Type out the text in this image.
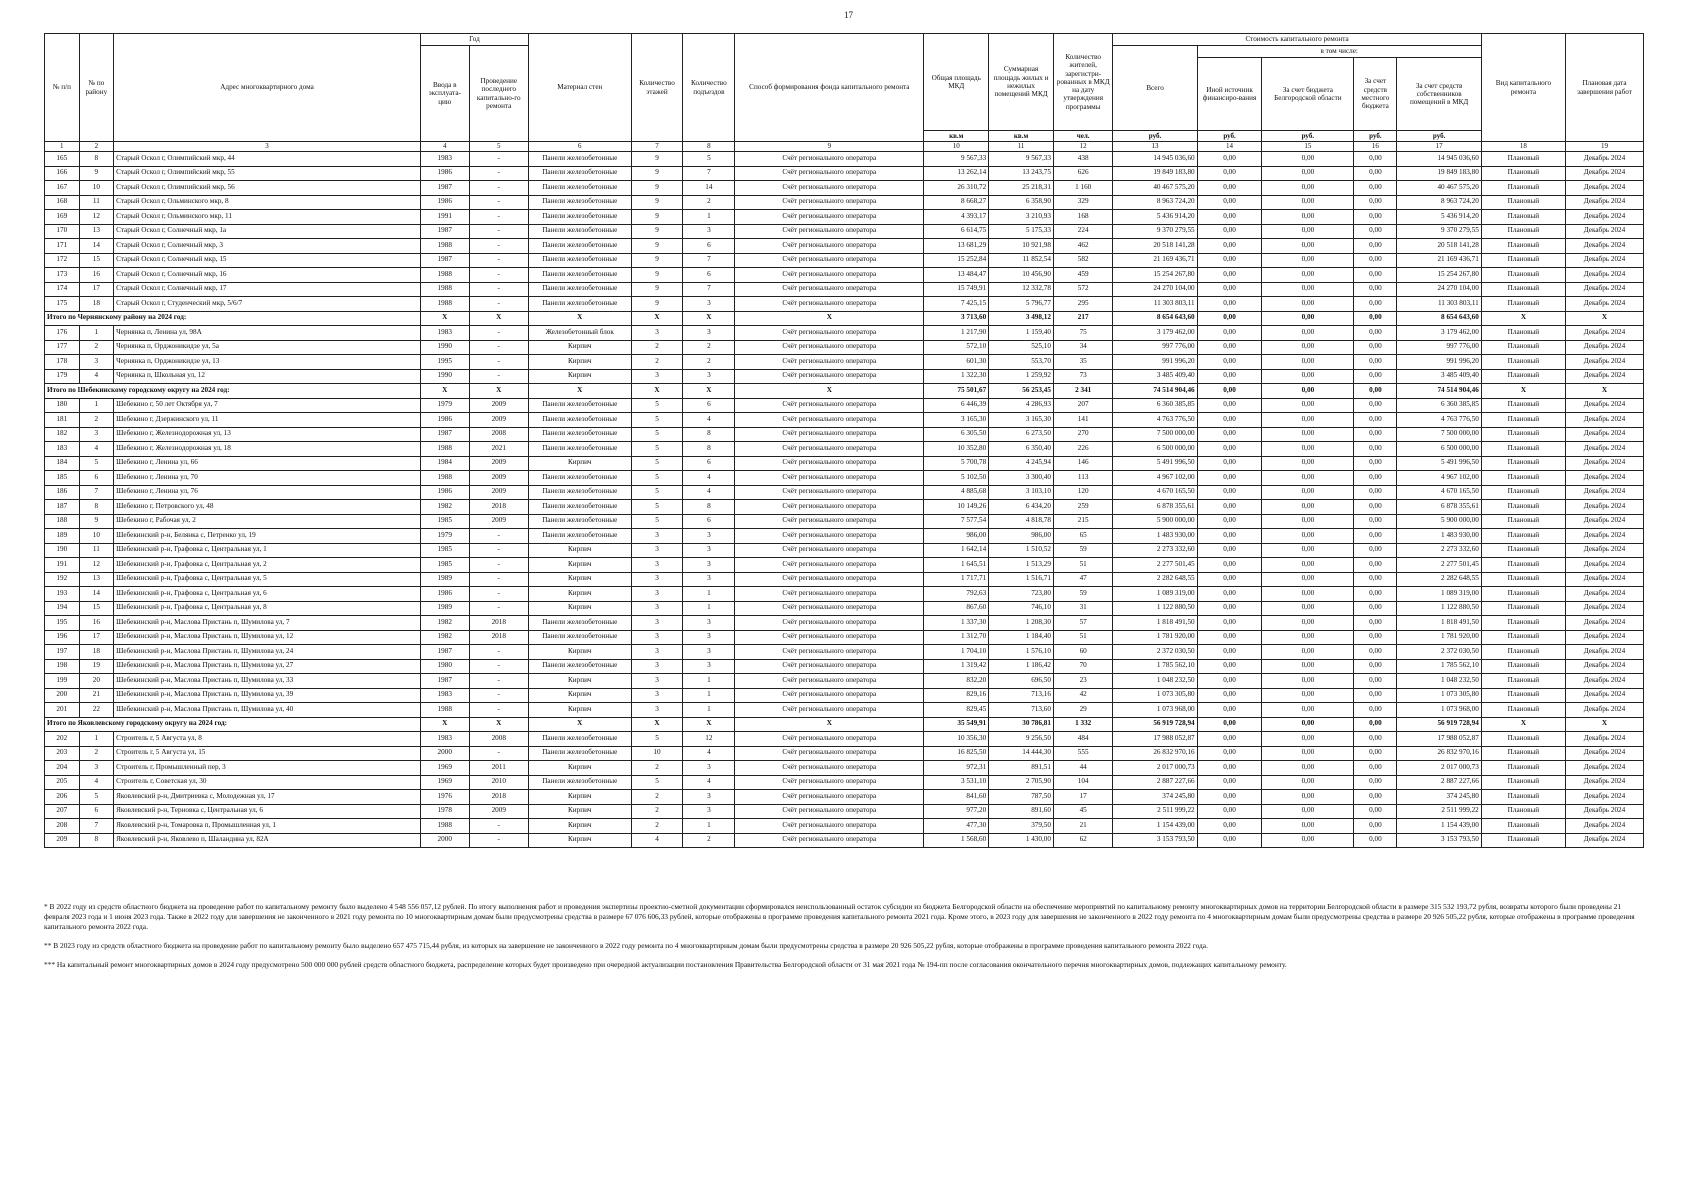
17
№ п/п	№ по району	Адрес многоквартирного дома	Год		Материал стен	Количество этажей	Количество подъездов	Способ формирования фонда капитального ремонта	Общая площадь МКД	Суммарная площадь жилых и нежилых помещений МКД	Количество жителей, зарегистри-рованных в МКД на дату утверждения программы	Стоимость капитального ремонта					Вид капитального ремонта	Плановая дата завершения работ
			Ввода в эксплуата-цию	Проведение последнего капитально-го ремонта								Всего	в том числе:					
													Иной источник финансиро-вания	За счет бюджета Белгородской области	За счет средств местного бюджета	За счет средств собственников помещений в МКД		
									кв.м	кв.м	чел.	руб.	руб.	руб.	руб.	руб.		
1	2	3	4	5	6	7	8	9	10	11	12	13	14	15	16	17	18	19
165	8	Старый Оскол г, Олимпийский мкр, 44	1983	-	Панели железобетонные	9	5	Счёт регионального оператора	9 567,33	9 567,33	438	14 945 036,60	0,00	0,00	0,00	14 945 036,60	Плановый	Декабрь 2024
166	9	Старый Оскол г, Олимпийский мкр, 55	1986	-	Панели железобетонные	9	7	Счёт регионального оператора	13 262,14	13 243,75	626	19 849 183,80	0,00	0,00	0,00	19 849 183,80	Плановый	Декабрь 2024
167	10	Старый Оскол г, Олимпийский мкр, 56	1987	-	Панели железобетонные	9	14	Счёт регионального оператора	26 310,72	25 218,31	1 160	40 467 575,20	0,00	0,00	0,00	40 467 575,20	Плановый	Декабрь 2024
168	11	Старый Оскол г, Ольминского мкр, 8	1986	-	Панели железобетонные	9	2	Счёт регионального оператора	8 668,27	6 358,90	329	8 963 724,20	0,00	0,00	0,00	8 963 724,20	Плановый	Декабрь 2024
169	12	Старый Оскол г, Ольминского мкр, 11	1991	-	Панели железобетонные	9	1	Счёт регионального оператора	4 393,17	3 210,93	168	5 436 914,20	0,00	0,00	0,00	5 436 914,20	Плановый	Декабрь 2024
170	13	Старый Оскол г, Солнечный мкр, 1а	1987	-	Панели железобетонные	9	3	Счёт регионального оператора	6 614,75	5 175,33	224	9 370 279,55	0,00	0,00	0,00	9 370 279,55	Плановый	Декабрь 2024
171	14	Старый Оскол г, Солнечный мкр, 3	1988	-	Панели железобетонные	9	6	Счёт регионального оператора	13 681,29	10 921,98	462	20 518 141,28	0,00	0,00	0,00	20 518 141,28	Плановый	Декабрь 2024
172	15	Старый Оскол г, Солнечный мкр, 15	1987	-	Панели железобетонные	9	7	Счёт регионального оператора	15 252,84	11 852,54	582	21 169 436,71	0,00	0,00	0,00	21 169 436,71	Плановый	Декабрь 2024
173	16	Старый Оскол г, Солнечный мкр, 16	1988	-	Панели железобетонные	9	6	Счёт регионального оператора	13 484,47	10 456,90	459	15 254 267,80	0,00	0,00	0,00	15 254 267,80	Плановый	Декабрь 2024
174	17	Старый Оскол г, Солнечный мкр, 17	1988	-	Панели железобетонные	9	7	Счёт регионального оператора	15 749,91	12 332,78	572	24 270 104,00	0,00	0,00	0,00	24 270 104,00	Плановый	Декабрь 2024
175	18	Старый Оскол г, Студенческий мкр, 5/6/7	1988	-	Панели железобетонные	9	3	Счёт регионального оператора	7 425,15	5 796,77	295	11 303 803,11	0,00	0,00	0,00	11 303 803,11	Плановый	Декабрь 2024
Итого по Чернянскому району на 2024 год:			X	X	X	X	X	X	3 713,60	3 498,12	217	8 654 643,60	0,00	0,00	0,00	8 654 643,60	X	X
176	1	Чернянка п, Ленина ул, 98А	1983	-	Железобетонный блок	3	3	Счёт регионального оператора	1 217,90	1 159,40	75	3 179 462,00	0,00	0,00	0,00	3 179 462,00	Плановый	Декабрь 2024
177	2	Чернянка п, Орджоникидзе ул, 5а	1990	-	Кирпич	2	2	Счёт регионального оператора	572,10	525,10	34	997 776,00	0,00	0,00	0,00	997 776,00	Плановый	Декабрь 2024
178	3	Чернянка п, Орджоникидзе ул, 13	1995	-	Кирпич	2	2	Счёт регионального оператора	601,30	553,70	35	991 996,20	0,00	0,00	0,00	991 996,20	Плановый	Декабрь 2024
179	4	Чернянка п, Школьная ул, 12	1990	-	Кирпич	3	3	Счёт регионального оператора	1 322,30	1 259,92	73	3 485 409,40	0,00	0,00	0,00	3 485 409,40	Плановый	Декабрь 2024
Итого по Шебекинскому городскому округу на 2024 год:			X	X	X	X	X	X	75 501,67	56 253,45	2 341	74 514 904,46	0,00	0,00	0,00	74 514 904,46	X	X
180	1	Шебекино г, 50 лет Октября ул, 7	1979	2009	Панели железобетонные	5	6	Счёт регионального оператора	6 446,39	4 286,93	207	6 360 385,85	0,00	0,00	0,00	6 360 385,85	Плановый	Декабрь 2024
181	2	Шебекино г, Дзержинского ул, 11	1986	2009	Панели железобетонные	5	4	Счёт регионального оператора	3 165,30	3 165,30	141	4 763 776,50	0,00	0,00	0,00	4 763 776,50	Плановый	Декабрь 2024
182	3	Шебекино г, Железнодорожная ул, 13	1987	2008	Панели железобетонные	5	8	Счёт регионального оператора	6 305,50	6 273,50	270	7 500 000,00	0,00	0,00	0,00	7 500 000,00	Плановый	Декабрь 2024
183	4	Шебекино г, Железнодорожная ул, 18	1988	2021	Панели железобетонные	5	8	Счёт регионального оператора	10 352,80	6 350,40	226	6 500 000,00	0,00	0,00	0,00	6 500 000,00	Плановый	Декабрь 2024
184	5	Шебекино г, Ленина ул, 66	1984	2009	Кирпич	5	6	Счёт регионального оператора	5 700,78	4 245,94	146	5 491 996,50	0,00	0,00	0,00	5 491 996,50	Плановый	Декабрь 2024
185	6	Шебекино г, Ленина ул, 70	1988	2009	Панели железобетонные	5	4	Счёт регионального оператора	5 102,50	3 300,40	113	4 967 102,00	0,00	0,00	0,00	4 967 102,00	Плановый	Декабрь 2024
186	7	Шебекино г, Ленина ул, 76	1986	2009	Панели железобетонные	5	4	Счёт регионального оператора	4 885,68	3 103,10	120	4 670 165,50	0,00	0,00	0,00	4 670 165,50	Плановый	Декабрь 2024
187	8	Шебекино г, Петровского ул, 48	1982	2018	Панели железобетонные	5	8	Счёт регионального оператора	10 149,26	6 434,20	259	6 878 355,61	0,00	0,00	0,00	6 878 355,61	Плановый	Декабрь 2024
188	9	Шебекино г, Рабочая ул, 2	1985	2009	Панели железобетонные	5	6	Счёт регионального оператора	7 577,54	4 818,78	215	5 900 000,00	0,00	0,00	0,00	5 900 000,00	Плановый	Декабрь 2024
189	10	Шебекинский р-н, Белянка с, Петренко ул, 19	1979	-	Панели железобетонные	3	3	Счёт регионального оператора	986,00	986,00	65	1 483 930,00	0,00	0,00	0,00	1 483 930,00	Плановый	Декабрь 2024
190	11	Шебекинский р-н, Графовка с, Центральная ул, 1	1985	-	Кирпич	3	3	Счёт регионального оператора	1 642,14	1 510,52	59	2 273 332,60	0,00	0,00	0,00	2 273 332,60	Плановый	Декабрь 2024
191	12	Шебекинский р-н, Графовка с, Центральная ул, 2	1985	-	Кирпич	3	3	Счёт регионального оператора	1 645,51	1 513,29	51	2 277 501,45	0,00	0,00	0,00	2 277 501,45	Плановый	Декабрь 2024
192	13	Шебекинский р-н, Графовка с, Центральная ул, 5	1989	-	Кирпич	3	3	Счёт регионального оператора	1 717,71	1 516,71	47	2 282 648,55	0,00	0,00	0,00	2 282 648,55	Плановый	Декабрь 2024
193	14	Шебекинский р-н, Графовка с, Центральная ул, 6	1986	-	Кирпич	3	1	Счёт регионального оператора	792,63	723,80	59	1 089 319,00	0,00	0,00	0,00	1 089 319,00	Плановый	Декабрь 2024
194	15	Шебекинский р-н, Графовка с, Центральная ул, 8	1989	-	Кирпич	3	1	Счёт регионального оператора	867,60	746,10	31	1 122 880,50	0,00	0,00	0,00	1 122 880,50	Плановый	Декабрь 2024
195	16	Шебекинский р-н, Маслова Пристань п, Шумилова ул, 7	1982	2018	Панели железобетонные	3	3	Счёт регионального оператора	1 337,30	1 208,30	57	1 818 491,50	0,00	0,00	0,00	1 818 491,50	Плановый	Декабрь 2024
196	17	Шебекинский р-н, Маслова Пристань п, Шумилова ул, 12	1982	2018	Панели железобетонные	3	3	Счёт регионального оператора	1 312,70	1 184,40	51	1 781 920,00	0,00	0,00	0,00	1 781 920,00	Плановый	Декабрь 2024
197	18	Шебекинский р-н, Маслова Пристань п, Шумилова ул, 24	1987	-	Кирпич	3	3	Счёт регионального оператора	1 704,10	1 576,10	60	2 372 030,50	0,00	0,00	0,00	2 372 030,50	Плановый	Декабрь 2024
198	19	Шебекинский р-н, Маслова Пристань п, Шумилова ул, 27	1980	-	Панели железобетонные	3	3	Счёт регионального оператора	1 319,42	1 186,42	70	1 785 562,10	0,00	0,00	0,00	1 785 562,10	Плановый	Декабрь 2024
199	20	Шебекинский р-н, Маслова Пристань п, Шумилова ул, 33	1987	-	Кирпич	3	1	Счёт регионального оператора	832,20	696,50	23	1 048 232,50	0,00	0,00	0,00	1 048 232,50	Плановый	Декабрь 2024
200	21	Шебекинский р-н, Маслова Пристань п, Шумилова ул, 39	1983	-	Кирпич	3	1	Счёт регионального оператора	829,16	713,16	42	1 073 305,80	0,00	0,00	0,00	1 073 305,80	Плановый	Декабрь 2024
201	22	Шебекинский р-н, Маслова Пристань п, Шумилова ул, 40	1988	-	Кирпич	3	1	Счёт регионального оператора	829,45	713,60	29	1 073 968,00	0,00	0,00	0,00	1 073 968,00	Плановый	Декабрь 2024
Итого по Яковлевскому городскому округу на 2024 год:			X	X	X	X	X	X	35 549,91	30 786,81	1 332	56 919 728,94	0,00	0,00	0,00	56 919 728,94	X	X
202	1	Строитель г, 5 Августа ул, 8	1983	2008	Панели железобетонные	5	12	Счёт регионального оператора	10 356,30	9 256,50	484	17 988 052,87	0,00	0,00	0,00	17 988 052,87	Плановый	Декабрь 2024
203	2	Строитель г, 5 Августа ул, 15	2000	-	Панели железобетонные	10	4	Счёт регионального оператора	16 825,50	14 444,30	555	26 832 970,16	0,00	0,00	0,00	26 832 970,16	Плановый	Декабрь 2024
204	3	Строитель г, Промышленный пер, 3	1969	2011	Кирпич	2	3	Счёт регионального оператора	972,31	891,51	44	2 017 000,73	0,00	0,00	0,00	2 017 000,73	Плановый	Декабрь 2024
205	4	Строитель г, Советская ул, 30	1969	2010	Панели железобетонные	5	4	Счёт регионального оператора	3 531,10	2 705,90	104	2 887 227,66	0,00	0,00	0,00	2 887 227,66	Плановый	Декабрь 2024
206	5	Яковлевский р-н, Дмитриевка с, Молодежная ул, 17	1976	2018	Кирпич	2	3	Счёт регионального оператора	841,60	787,50	17	374 245,80	0,00	0,00	0,00	374 245,80	Плановый	Декабрь 2024
207	6	Яковлевский р-н, Терновка с, Центральная ул, 6	1978	2009	Кирпич	2	3	Счёт регионального оператора	977,20	891,60	45	2 511 999,22	0,00	0,00	0,00	2 511 999,22	Плановый	Декабрь 2024
208	7	Яковлевский р-н, Томаровка п, Промышленная ул, 1	1988	-	Кирпич	2	1	Счёт регионального оператора	477,30	379,50	21	1 154 439,00	0,00	0,00	0,00	1 154 439,00	Плановый	Декабрь 2024
209	8	Яковлевский р-н, Яковлево п, Шаландина ул, 82А	2000	-	Кирпич	4	2	Счёт регионального оператора	1 568,60	1 430,00	62	3 153 793,50	0,00	0,00	0,00	3 153 793,50	Плановый	Декабрь 2024

* В 2022 году из средств областного бюджета на проведение работ по капитальному ремонту было выделено 4 548 556 057,12 рублей. По итогу выполнения работ и проведения экспертизы проектно-сметной документации сформировался неиспользованный остаток субсидии из бюджета Белгородской области на обеспечение мероприятий по капитальному ремонту многоквартирных домов на территории Белгородской области в размере 315 532 193,72 рубля, возвраты которого были проведены 21 февраля 2023 года и 1 июня 2023 года. Также в 2022 году для завершения не законченного в 2021 году ремонта по 10 многоквартирным домам были предусмотрены средства в размере 67 076 606,33 рублей, которые отображены в программе проведения капитального ремонта 2021 года. Кроме этого, в 2023 году для завершения не законченного в 2022 году ремонта по 4 многоквартирным домам были предусмотрены средства в размере 20 926 505,22 рубля, которые отображены в программе проведения капитального ремонта 2022 года.

** В 2023 году из средств областного бюджета на проведение работ по капитальному ремонту было выделено 657 475 715,44 рубля, из которых на завершение не законченного в 2022 году ремонта по 4 многоквартирным домам были предусмотрены средства в размере 20 926 505,22 рубля, которые отображены в программе проведения капитального ремонта 2022 года.

*** На капитальный ремонт многоквартирных домов в 2024 году предусмотрено 500 000 000 рублей средств областного бюджета, распределение которых будет произведено при очередной актуализации постановления Правительства Белгородской области от 31 мая 2021 года № 194-пп после согласования окончательного перечня многоквартирных домов, подлежащих капитальному ремонту.
